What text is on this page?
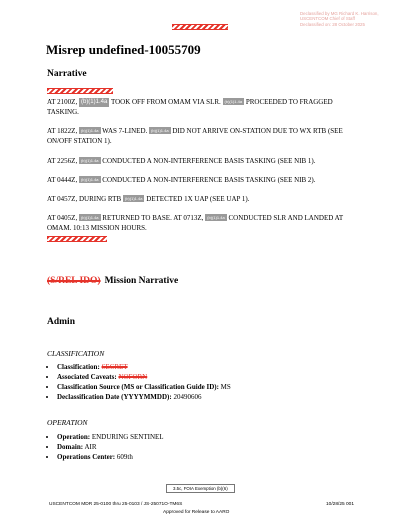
Declassified by MG Richard K. Harrison,
USCENTCOM Chief of Staff
Declassified on: 28 October 2025
Misrep undefined-10055709
Narrative
AT 2100Z, (b)(1)1.4a TOOK OFF FROM OMAM VIA SLR. (b)(1)1.4a PROCEEDED TO FRAGGED TASKING.
AT 1822Z, (b)(1)1.4a WAS 7-LINED. (b)(1)1.4a DID NOT ARRIVE ON-STATION DUE TO WX RTB (SEE ON/OFF STATION 1).
AT 2256Z, (b)(1)1.4a CONDUCTED A NON-INTERFERENCE BASIS TASKING (SEE NIB 1).
AT 0444Z, (b)(1)1.4a CONDUCTED A NON-INTERFERENCE BASIS TASKING (SEE NIB 2).
AT 0457Z, DURING RTB (b)(1)1.4a DETECTED 1X UAP (SEE UAP 1).
AT 0405Z, (b)(1)1.4a RETURNED TO BASE. AT 0713Z, (b)(1)1.4a CONDUCTED SLR AND LANDED AT OMAM. 10:13 MISSION HOURS.
(S/REL IDO) Mission Narrative
Admin
CLASSIFICATION
• Classification: SECRET
• Associated Caveats: NOFORN
• Classification Source (MS or Classification Guide ID): MS
• Declassification Date (YYYYMMDD): 20490606
OPERATION
• Operation: ENDURING SENTINEL
• Domain: AIR
• Operations Center: 609th
3.5c, FOIA Exemption (b)(6)
USCENTCOM MDR 25-0100 thru 25-0103 / JS-25071O-TM6S	10/28/25 001
Approved for Release to AARO
